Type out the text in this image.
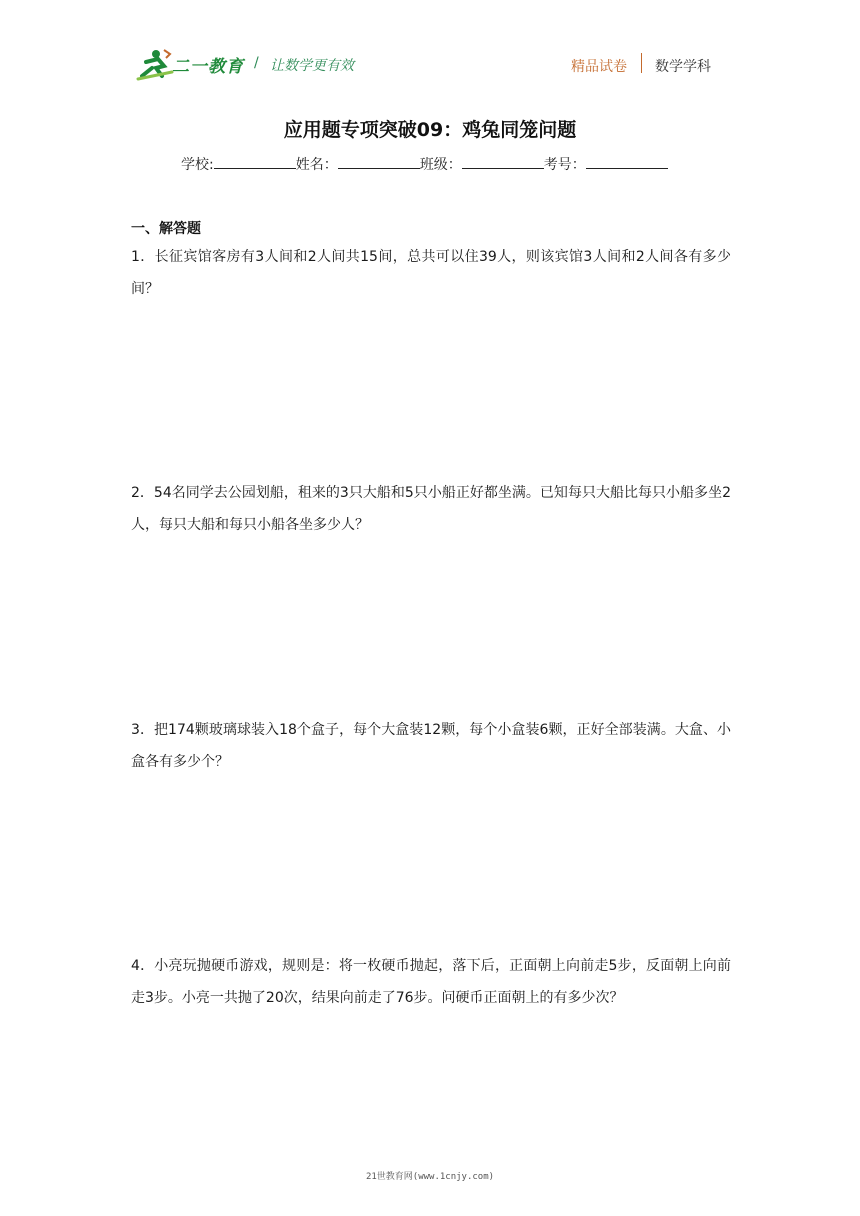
二一教育 / 让数学更有效	精品试卷 数学学科
应用题专项突破09：鸡兔同笼问题
学校:	姓名：	班级：	考号：
一、解答题
1．长征宾馆客房有3人间和2人间共15间，总共可以住39人，则该宾馆3人间和2人间各有多少间？
2．54名同学去公园划船，租来的3只大船和5只小船正好都坐满。已知每只大船比每只小船多坐2人，每只大船和每只小船各坐多少人？
3．把174颗玻璃球装入18个盒子，每个大盒装12颗，每个小盒装6颗，正好全部装满。大盒、小盒各有多少个？
4．小亮玩抛硬币游戏，规则是：将一枚硬币抛起，落下后，正面朝上向前走5步，反面朝上向前走3步。小亮一共抛了20次，结果向前走了76步。问硬币正面朝上的有多少次？
21世教育网(www.1cnjy.com)
